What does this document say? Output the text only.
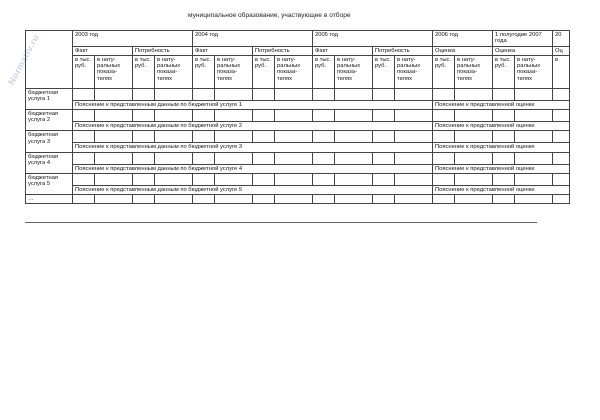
Normativ.ru
муниципальное образование, участвующее в отборе
	2003 год				2004 год				2005 год				2006 год		1 полугодие 2007 года		20
	Факт		Потребность		Факт		Потребность		Факт		Потребность		Оценка		Оценка		Оц
	в тыс. руб.	в нату-ральных показа-телях	в тыс. руб.	в нату-ральных показа-телях	в тыс. руб.	в нату-ральных показа-телях	в тыс. руб.	в нату-ральных показа-телях	в тыс. руб.	в нату-ральных показа-телях	в тыс. руб.	в нату-ральных показа-телях	в тыс. руб.	в нату-ральных показа-телях	в тыс. руб.	в нату-ральных показа-телях	в
бюджетная услуга 1																	
	Пояснение к представленным данным по бюджетной услуге 1												Пояснение к представленной оценке				
бюджетная услуга 2																	
	Пояснение к представленным данным по бюджетной услуге 2												Пояснение к представленной оценке				
бюджетная услуга 3																	
	Пояснение к представленным данным по бюджетной услуге 3												Пояснение к представленной оценке				
бюджетная услуга 4																	
	Пояснение к представленным данным по бюджетной услуге 4												Пояснение к представленной оценке				
бюджетная услуга 5																	
	Пояснение к представленным данным по бюджетной услуге 5												Пояснение к представленной оценке				
…																	
